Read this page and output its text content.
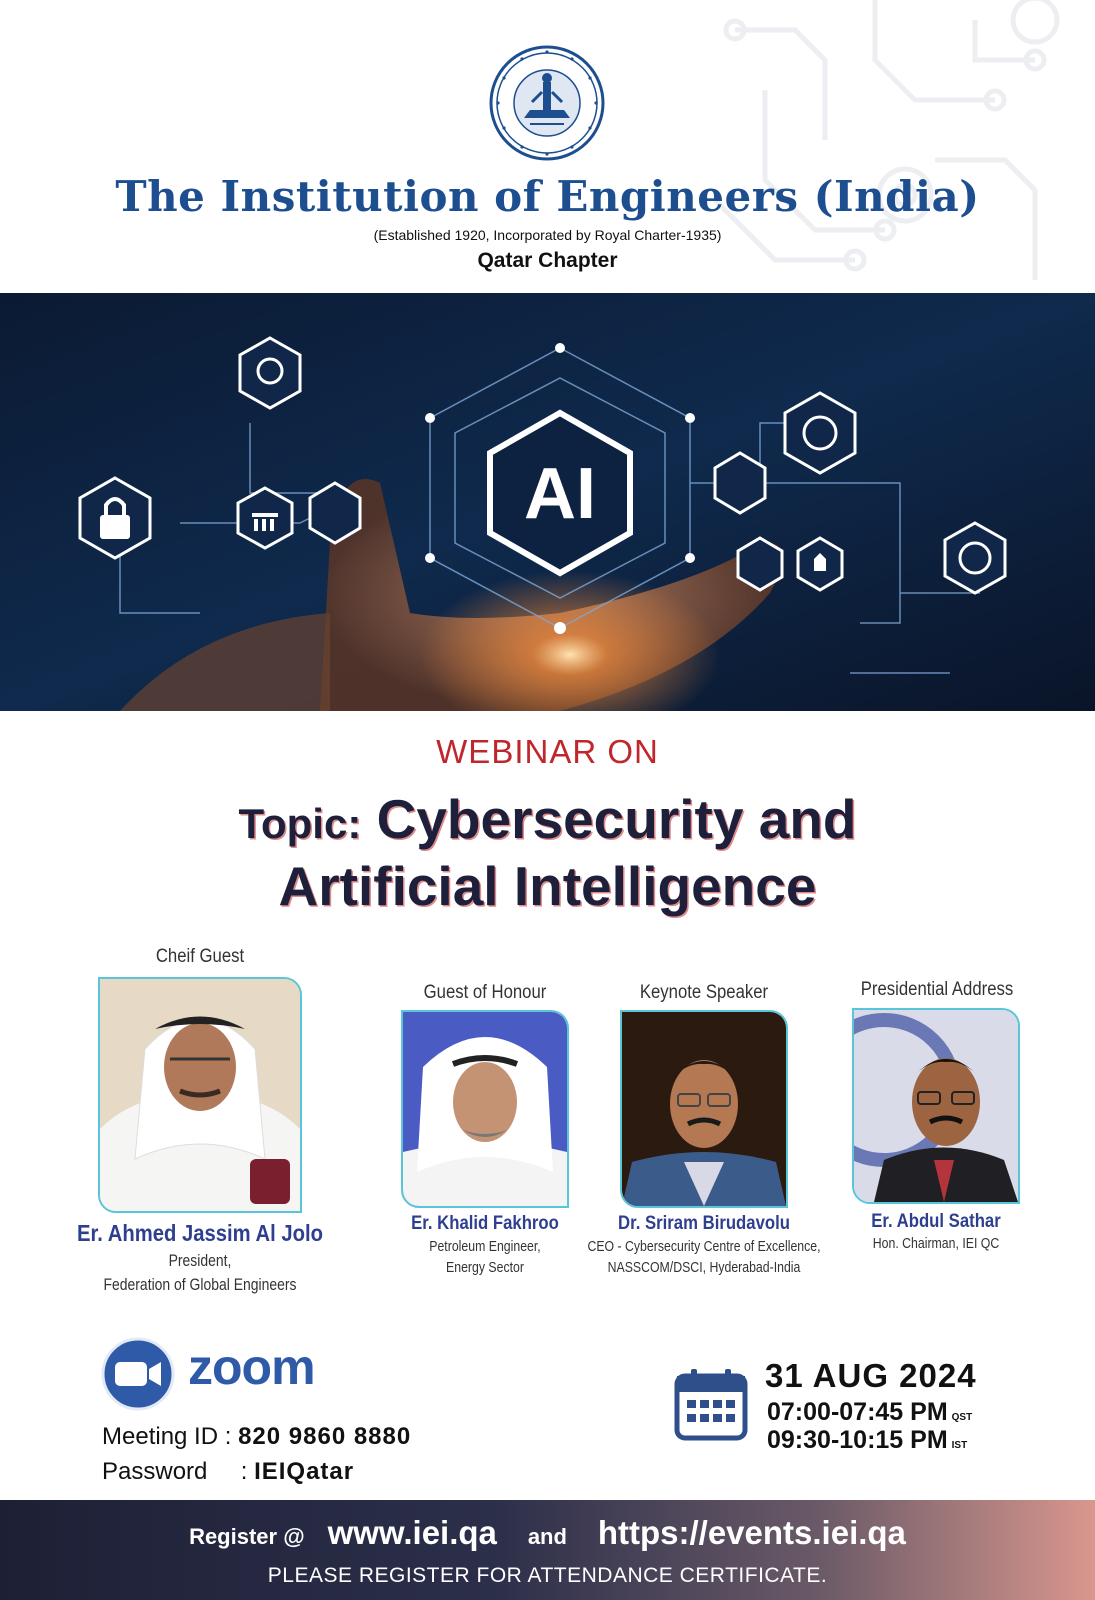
The Institution of Engineers (India)
(Established 1920, Incorporated by Royal Charter-1935)
Qatar Chapter
AI
WEBINAR ON
Topic: Cybersecurity and
Artificial Intelligence
Cheif Guest
Er. Ahmed Jassim Al Jolo
President,
Federation of Global Engineers
Guest of Honour
Er. Khalid Fakhroo
Petroleum Engineer,
Energy Sector
Keynote Speaker
Dr. Sriram Birudavolu
CEO - Cybersecurity Centre of Excellence,
NASSCOM/DSCI, Hyderabad-India
Presidential Address
Er. Abdul Sathar
Hon. Chairman, IEI QC
zoom
Meeting ID : 820 9860 8880
Password : IEIQatar
31 AUG 2024
07:00-07:45 PM QST
09:30-10:15 PM IST
Register @ www.iei.qa and https://events.iei.qa
PLEASE REGISTER FOR ATTENDANCE CERTIFICATE.
